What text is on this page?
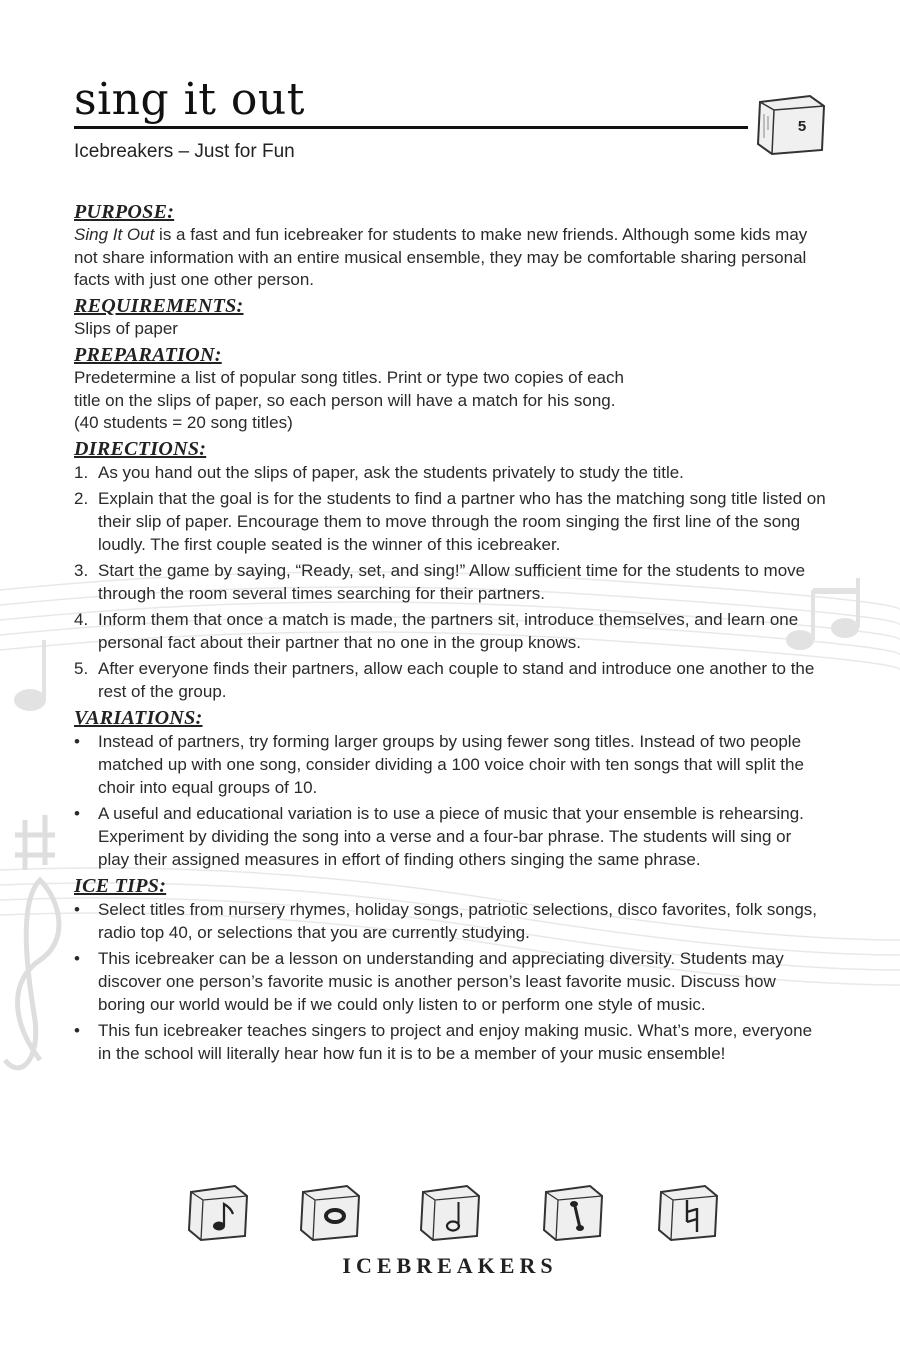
sing it out
Icebreakers – Just for Fun
5
PURPOSE:

Sing It Out is a fast and fun icebreaker for students to make new friends. Although some kids may not share information with an entire musical ensemble, they may be comfortable sharing personal facts with just one other person.

REQUIREMENTS:

Slips of paper

PREPARATION:

Predetermine a list of popular song titles. Print or type two copies of each

title on the slips of paper, so each person will have a match for his song.

(40 students = 20 song titles)

DIRECTIONS:
1. As you hand out the slips of paper, ask the students privately to study the title.
2. Explain that the goal is for the students to find a partner who has the matching song title listed on their slip of paper. Encourage them to move through the room singing the first line of the song loudly. The first couple seated is the winner of this icebreaker.
3. Start the game by saying, “Ready, set, and sing!” Allow sufficient time for the students to move through the room several times searching for their partners.
4. Inform them that once a match is made, the partners sit, introduce themselves, and learn one personal fact about their partner that no one in the group knows.
5. After everyone finds their partners, allow each couple to stand and introduce one another to the rest of the group.
VARIATIONS:
•	Instead of partners, try forming larger groups by using fewer song titles. Instead of two people matched up with one song, consider dividing a 100 voice choir with ten songs that will split the choir into equal groups of 10.
•	A useful and educational variation is to use a piece of music that your ensemble is rehearsing. Experiment by dividing the song into a verse and a four-bar phrase. The students will sing or play their assigned measures in effort of finding others singing the same phrase.
ICE TIPS:
•	Select titles from nursery rhymes, holiday songs, patriotic selections, disco favorites, folk songs, radio top 40, or selections that you are currently studying.
•	This icebreaker can be a lesson on understanding and appreciating diversity. Students may discover one person’s favorite music is another person’s least favorite music. Discuss how boring our world would be if we could only listen to or perform one style of music.
•	This fun icebreaker teaches singers to project and enjoy making music. What’s more, everyone in the school will literally hear how fun it is to be a member of your music ensemble!
ICEBREAKERS
